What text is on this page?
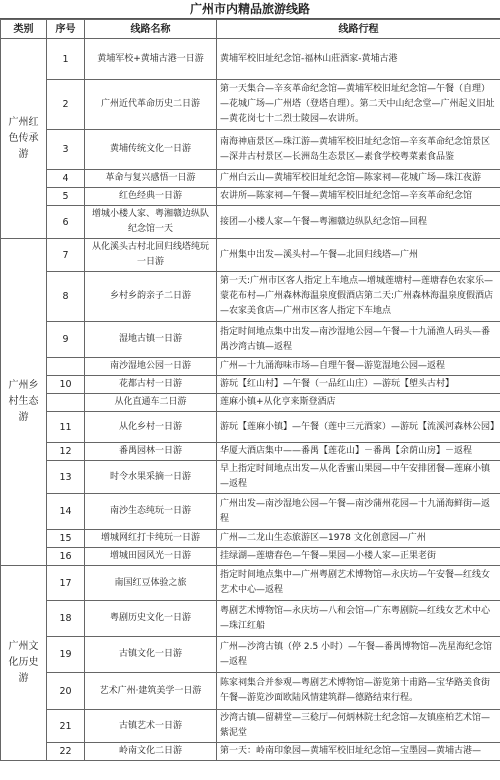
广州市内精品旅游线路
类别	序号	线路名称	线路行程
广州红色传承游	1	黄埔军校+黄埔古港一日游	黄埔军校旧址纪念馆-福林山莊酒家-黄埔古港
	2	广州近代革命历史二日游	第一天集合—辛亥革命纪念馆—黄埔军校旧址纪念馆—午餐（自理）—花城广场—广州塔（登塔自理）。第二天中山纪念堂—广州起义旧址—黄花岗七十二烈士陵园—农讲所。
	3	黄埔传统文化一日游	南海神庙景区—珠江游—黄埔军校旧址纪念馆—辛亥革命纪念馆景区—深井古村景区—长洲岛生态景区—素食学校粤菜素食品鉴
	4	革命与复兴感悟一日游	广州白云山—黄埔军校旧址纪念馆—陈家祠—花城广场—珠江夜游
	5	红色经典一日游	农讲所—陈家祠—午餐—黄埔军校旧址纪念馆—辛亥革命纪念馆
	6	增城小楼人家、粤湘赣边纵队纪念馆一天	接团—小楼人家—午餐—粤湘赣边纵队纪念馆—回程
广州乡村生态游	7	从化溪头古村北回归线塔纯玩一日游	广州集中出发—溪头村—午餐—北回归线塔—广州
	8	乡村乡韵亲子二日游	第一天:广州市区客人指定上车地点—增城莲塘村—莲塘春色农家乐—蒙花布村—广州森林海温泉度假酒店第二天:广州森林海温泉度假酒店—农家美食店—广州市区客人指定下车地点
	9	湿地古镇一日游	指定时间地点集中出发—南沙湿地公园—午餐—十九涌渔人码头—番禺沙湾古镇—返程
		南沙湿地公园一日游	广州—十九涌海味市场—自理午餐—游览湿地公园—返程
	10	花都古村一日游	游玩【红山村】—午餐（一品红山庄）—游玩【塱头古村】
		从化直通车二日游	莲麻小镇+从化亨来斯登酒店
	11	从化乡村一日游	游玩【莲麻小镇】—午餐（莲中三元酒家）—游玩【流溪河森林公园】
	12	番禺园林一日游	华厦大酒店集中——番禺【莲花山】－番禺【余荫山房】－返程
	13	时令水果采摘一日游	早上指定时间地点出发—从化香蜜山果园—中午安排团餐—莲麻小镇—返程
	14	南沙生态纯玩一日游	广州出发—南沙湿地公园—午餐—南沙蒲州花园—十九涌海鲜街—返程
	15	增城网红打卡纯玩一日游	广州—二龙山生态旅游区—1978 文化创意园—广州
	16	增城田园风光一日游	挂绿湖—莲塘春色—午餐—果园—小楼人家—正果老街
广州文化历史游	17	南国红豆体验之旅	指定时间地点集中—广州粤剧艺术博物馆—永庆坊—午安餐—红线女艺术中心—返程
	18	粤剧历史文化一日游	粤剧艺术博物馆—永庆坊—八和会馆—广东粤剧院—红线女艺术中心—珠江红船
	19	古镇文化一日游	广州—沙湾古镇（停 2.5 小时）—午餐—番禺博物馆—冼星海纪念馆—返程
	20	艺术广州·建筑美学一日游	陈家祠集合并参观—粤剧艺术博物馆—游览第十甫路—宝华路美食街午餐—游览沙面欧陆风情建筑群—德路结束行程。
	21	古镇艺术一日游	沙湾古镇—留耕堂—三稔厅—何炳林院士纪念馆—友镇座柏艺术馆—紫泥堂
	22	岭南文化二日游	第一天：岭南印象园—黄埔军校旧址纪念馆—宝墨园—黄埔古港—
